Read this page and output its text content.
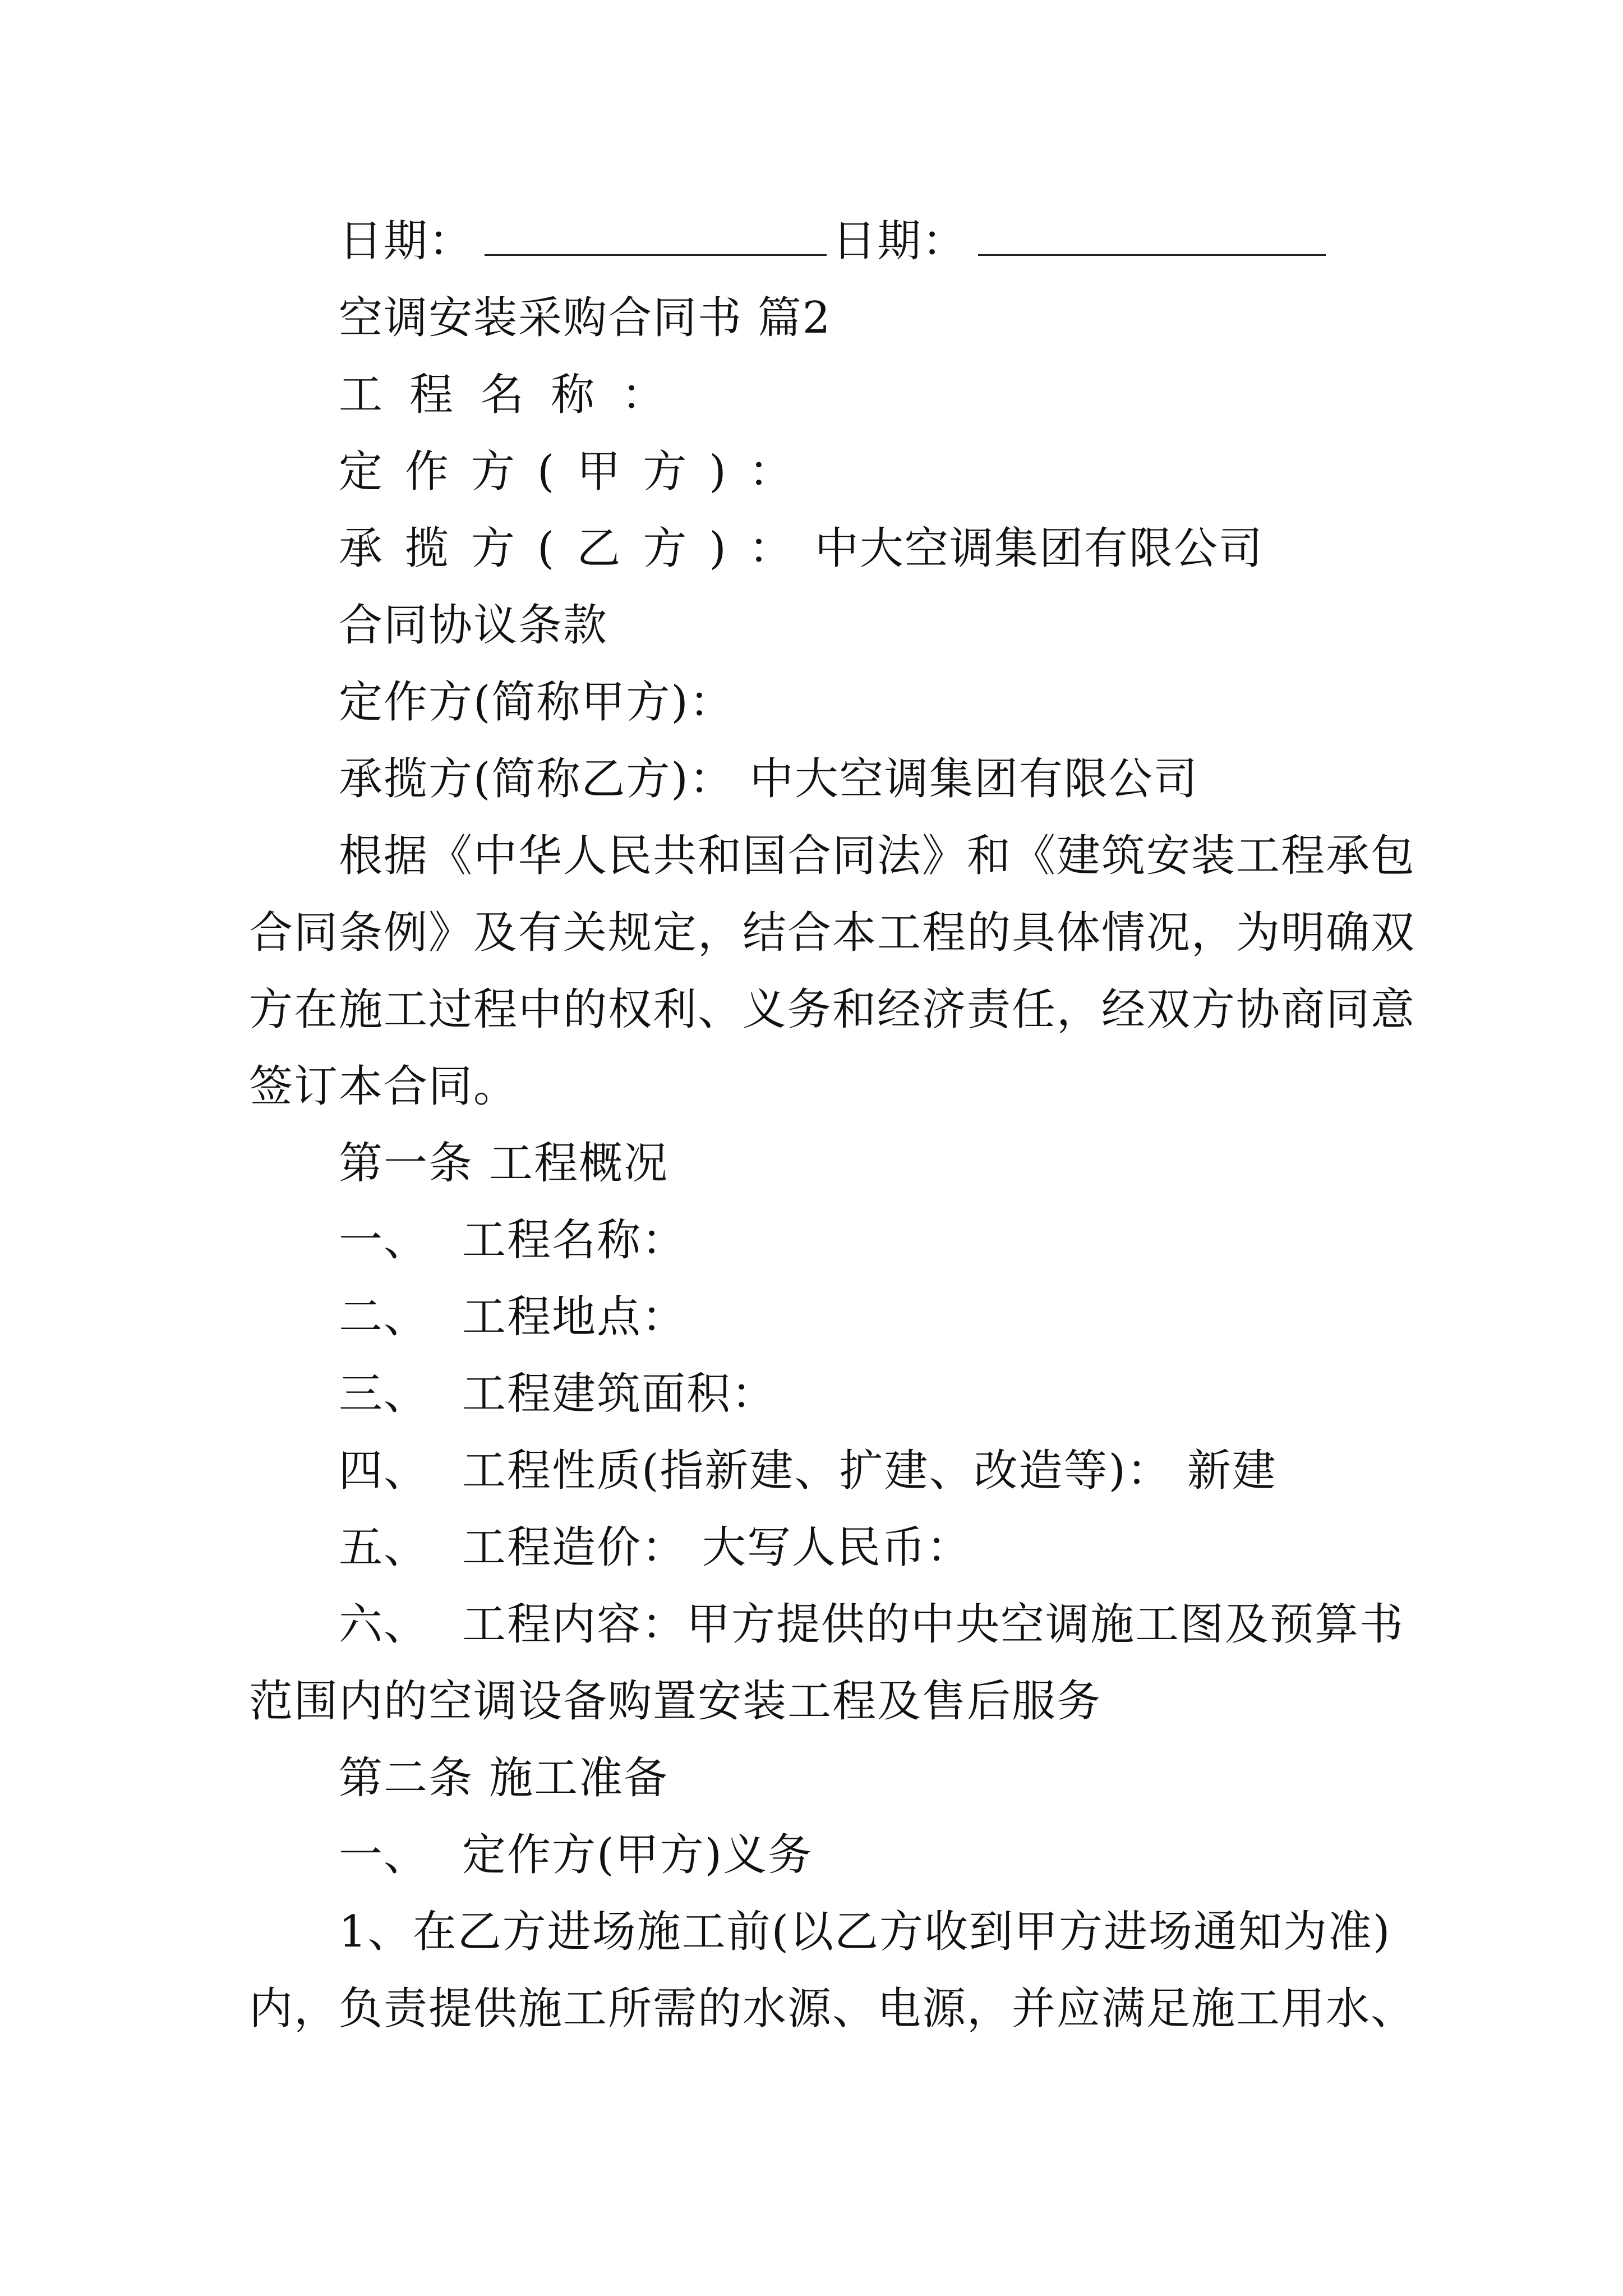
日期：	日期：
空调安装采购合同书 篇2
工程名称：
定作方(甲方)：
承揽方(乙方)：中大空调集团有限公司
合同协议条款
定作方(简称甲方)：
承揽方(简称乙方)： 中大空调集团有限公司
根据《中华人民共和国合同法》和《建筑安装工程承包
合同条例》及有关规定，结合本工程的具体情况，为明确双
方在施工过程中的权利、义务和经济责任，经双方协商同意
签订本合同。
第一条 工程概况
一、 工程名称：
二、 工程地点：
三、 工程建筑面积：
四、 工程性质(指新建、扩建、改造等)： 新建
五、 工程造价： 大写人民币：
六、 工程内容：甲方提供的中央空调施工图及预算书
范围内的空调设备购置安装工程及售后服务
第二条 施工准备
一、 定作方(甲方)义务
1、在乙方进场施工前(以乙方收到甲方进场通知为准)
内，负责提供施工所需的水源、电源，并应满足施工用水、
